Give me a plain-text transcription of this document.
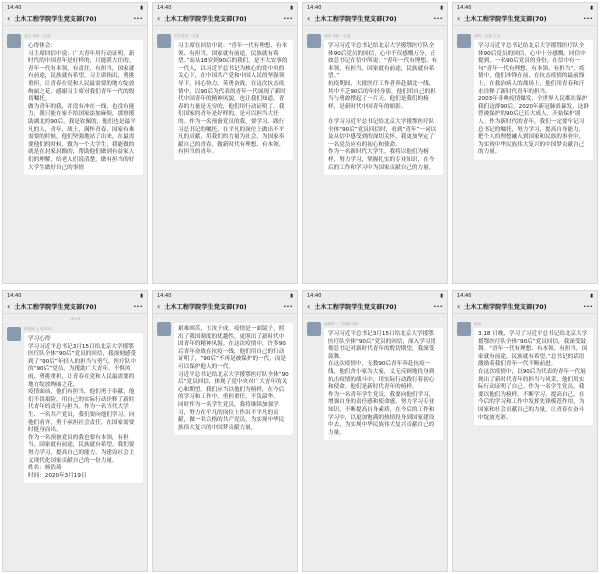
14:40	▮
‹ 土木工程学院学生党支部(70)	···
孟岩 本科一支部
心得体会：
习主席回信中说：广大青年用行动证明，新时代的中国青年是好样的，只能堪大任的。青年一代有本领，有责任，有担当，国家就有前途，民族就有希望。习主席指出，勇挑重担，让青春在党和人民最需要的地方绽放绚丽之花，感谢习主席对我们青年一代的殷切嘱托。
做为青年的我，并没有冲在一线，也没有能力，我只能在家不给国家添加麻烦，那察援助湖北的90后，我是钦佩的，他们也是最平凡的人，青年，战士，满怀青春，国家有难需要的时候，他们坚强地站了出来，在最需要他们的时候，做为一个大学生，我能做的就是在封家封路的，帮助他们做到有益家人们的理解，给老人们说清楚，做有担当的好大学生做好自己的事情
14:40	▮
‹ 土木工程学院学生党支部(70)	···
学生党员一支部
习主席在回信中说：“青年一代有理想、有本领、有担当，国家就有前途，民族就有希望。”而从18岁到90后的我们，是不大安事的一代人，以习近平总书记为核心的党中央的关心下，在中国共产党和中国人民的坚强领导下，同心协力，英勇奋战，在这次抗击疫情中，以90后为代表的青年一代展现了新时代中国青年的精神风貌，也让我们知道，青春的力量是无穷的，他们用行动证明了，我们国家的青年是好样的，是可以担当大任的。作为一名预备党员的我，要学习、践行习总书记的嘱托，在平凡的岗位上做出不平凡的贡献，用我们的力量为社会、为国家奉献自己的青春，做新时代有理想、有本领、有担当的青年。
14:40	▮
‹ 土木工程学院学生党支部(70)	···
胡珂 本科一支部
学习习近平总书记给北京大学援鄂医疗队全体90后党员的回信，心中不仅感慨万分。正如总书记在信中所说：“青年一代有理想、有本领、有担当，国家就有前途，民族就有希望。”
抗疫期间，大批医疗工作者奔赴湖北一线，其中不乏90后的年轻身影，他们用自己的担当与勇敢撑起了一片天。他们是我们的榜样，是新时代中国青年的缩影。

在学习习近平总书记给北京大学援鄂医疗队全体“90后”党员回信时，看到“青年”一词以及从信中感受到的深切关怀，我更加坚定了一名党员应有的初心和使命。
作为一名新时代大学生，我将以他们为榜样，努力学习，掌握扎实的专业知识，在今后的工作和学习中为国家贡献自己的力量。
14:40	▮
‹ 土木工程学院学生党支部(70)	···
本科一支部 王芳
学习习近平总书记给北京大学援鄂医疗队全体90后党员的回信，心中十分感慨。回信中提到，一名90后党员的身份，在信中有一句“青年一代有理想、有本领、有担当”。疫情中，他们冲锋在前，在抗击疫情的最前线上，在救治病人的战场上，他们用青春和汗水诠释了新时代青年的担当。
2003年非典疫情爆发，全世界人民都在保护我们这群90后，2020年新冠肺炎暴发，这群曾被保护的90后已长大成人，开始保护别人。作为新时代的青年，我们一定要牢记习总书记的嘱托，努力学习，提高自身能力，把个人的理想融入到国家和民族的事业中，为实现中华民族伟大复兴的中国梦贡献自己的力量。
14:40	▮
‹ 土木工程学院学生党支部(70)	···
16:03
杨浩琦 土木1701
学习心得
学习习近平总书记3月15日给北京大学援鄂医疗队全体“90后”党员的回信，我深刻感受到了“90后”年轻人的担当与勇气。医疗队中的“90后”党员，为援助广大青年、不惧风雨，勇挑重担，让青春在党和人民最需要的地方绽放绚丽之花。
疫情面前，他们有担当，他们勇于奉献，他们不畏艰险，用自己的实际行动诠释了新时代青年的责任与担当。作为一名当代大学生、一名共产党员，我们要向他们学习，向他们看齐，勇于承担社会责任，在国家需要时挺身而出。
作为一名预备党员的我也要有本领，有担当，国家就有前途，民族就有希望。我们要努力学习，提高自己的能力，为建设社会主义现代化国家贡献自己的一份力量。
姓名：杨浩琦
时间：2020年3月19日
14:40	▮
‹ 土木工程学院学生党支部(70)	···
艰难困苦，玉汝于成。疫情是一面镜子，照出了我国制度的优越性，更照出了新时代中国青年的精神风貌。在这次疫情中，许多90后青年奋战在抗疫一线，他们用自己的行动证明了，“90后”不再是被保护的一代，而是可以保护他人的一代。
习近平总书记给北京大学援鄂医疗队全体“90后”党员回信，体现了党中央对广大青年的关心和期望。我们应当以他们为榜样，在今后的学习和工作中，勇担重任，不负韶华。
同时作为一名学生党员，我将继续加强学习，努力在平凡的岗位上作出不平凡的贡献，做一名合格的共产党员，为实现中华民族伟大复兴的中国梦贡献力量。
14:40	▮
‹ 土木工程学院学生党支部(70)	···
杨婷婷一二年级1702
学习习近平总书记3月15日给北京大学援鄂医疗队全体“90后”党员的回信，深入学习贯彻总书记对新时代青年的殷切期望，我深受鼓舞。
在这次疫情中，无数90后青年奔赴抗疫一线，他们舍小家为大家，义无反顾地投身到抗击疫情的战斗中，用实际行动践行着初心和使命。他们是新时代青年的榜样。
作为一名青年学生党员，我要向他们学习，增强自身的责任感和使命感，努力学习专业知识，不断提高自身素质，在今后的工作和学习中，以更加饱满的热情投身到国家建设中去，为实现中华民族伟大复兴贡献自己的力量。
14:40	▮
‹ 土木工程学院学生党支部(70)	···
杨彦
3.18 日晚，学习了习近平总书记给北京大学援鄂医疗队全体“90后”党员回信，我深受鼓舞。“青年一代有理想、有本领、有担当，国家就有前途，民族就有希望。”总书记的话语激励着我们青年一代不断前进。
在这次疫情中，以90后为代表的青年一代展现出了新时代青年的担当与风采，他们用实际行动证明了自己。作为一名学生党员，我要以他们为榜样，不断学习，提高自己，在今后的学习和工作中发挥先锋模范作用，为国家和社会贡献自己的力量，让青春在奋斗中绽放光彩。
